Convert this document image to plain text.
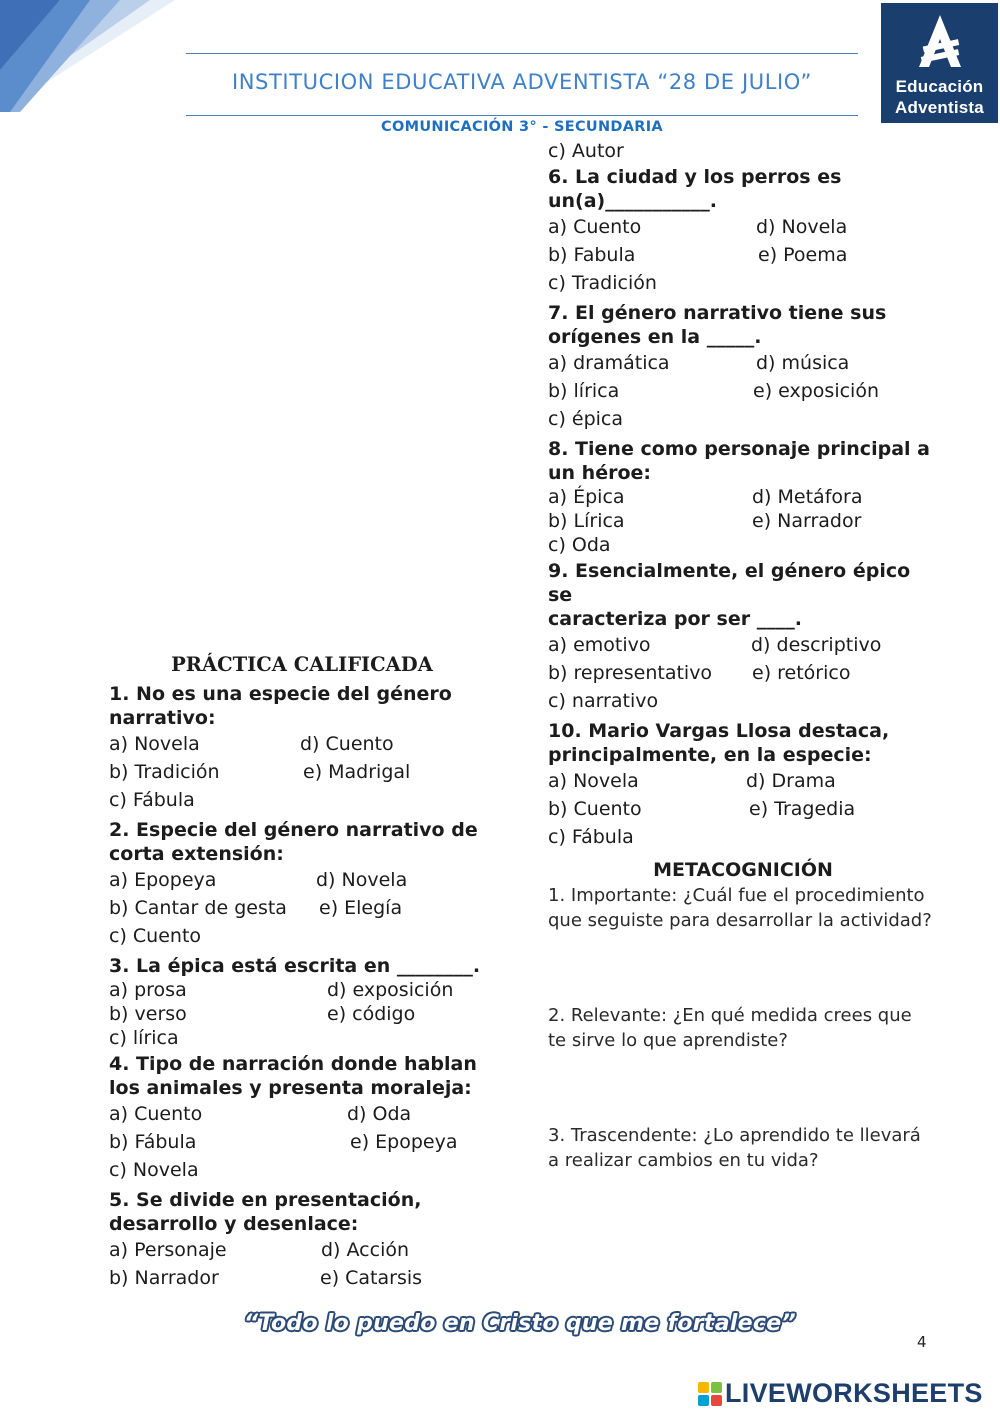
INSTITUCION EDUCATIVA ADVENTISTA “28 DE JULIO”
COMUNICACIÓN 3° - SECUNDARIA
Educación
Adventista
PRÁCTICA CALIFICADA
1. No es una especie del género
narrativo:
a) Novela	d) Cuento
b) Tradición	e) Madrigal
c) Fábula
2. Especie del género narrativo de
corta extensión:
a) Epopeya	d) Novela
b) Cantar de gesta e) Elegía
c) Cuento
3. La épica está escrita en ________.
a) prosa	d) exposición
b) verso	e) código
c) lírica
4. Tipo de narración donde hablan
los animales y presenta moraleja:
a) Cuento	d) Oda
b) Fábula	e) Epopeya
c) Novela
5. Se divide en presentación,
desarrollo y desenlace:
a) Personaje	d) Acción
b) Narrador	e) Catarsis
c) Autor
6. La ciudad y los perros es
un(a)___________.
a) Cuento	d) Novela
b) Fabula	e) Poema
c) Tradición
7. El género narrativo tiene sus
orígenes en la _____.
a) dramática	d) música
b) lírica	e) exposición
c) épica
8. Tiene como personaje principal a
un héroe:
a) Épica	d) Metáfora
b) Lírica	e) Narrador
c) Oda
9. Esencialmente, el género épico se
caracteriza por ser ____.
a) emotivo	d) descriptivo
b) representativo e) retórico
c) narrativo
10. Mario Vargas Llosa destaca,
principalmente, en la especie:
a) Novela	d) Drama
b) Cuento	e) Tragedia
c) Fábula
METACOGNICIÓN
1. Importante: ¿Cuál fue el procedimiento
que seguiste para desarrollar la actividad?
2. Relevante: ¿En qué medida crees que
te sirve lo que aprendiste?
3. Trascendente: ¿Lo aprendido te llevará
a realizar cambios en tu vida?
“Todo lo puedo en Cristo que me fortalece”
4
LIVEWORKSHEETS
